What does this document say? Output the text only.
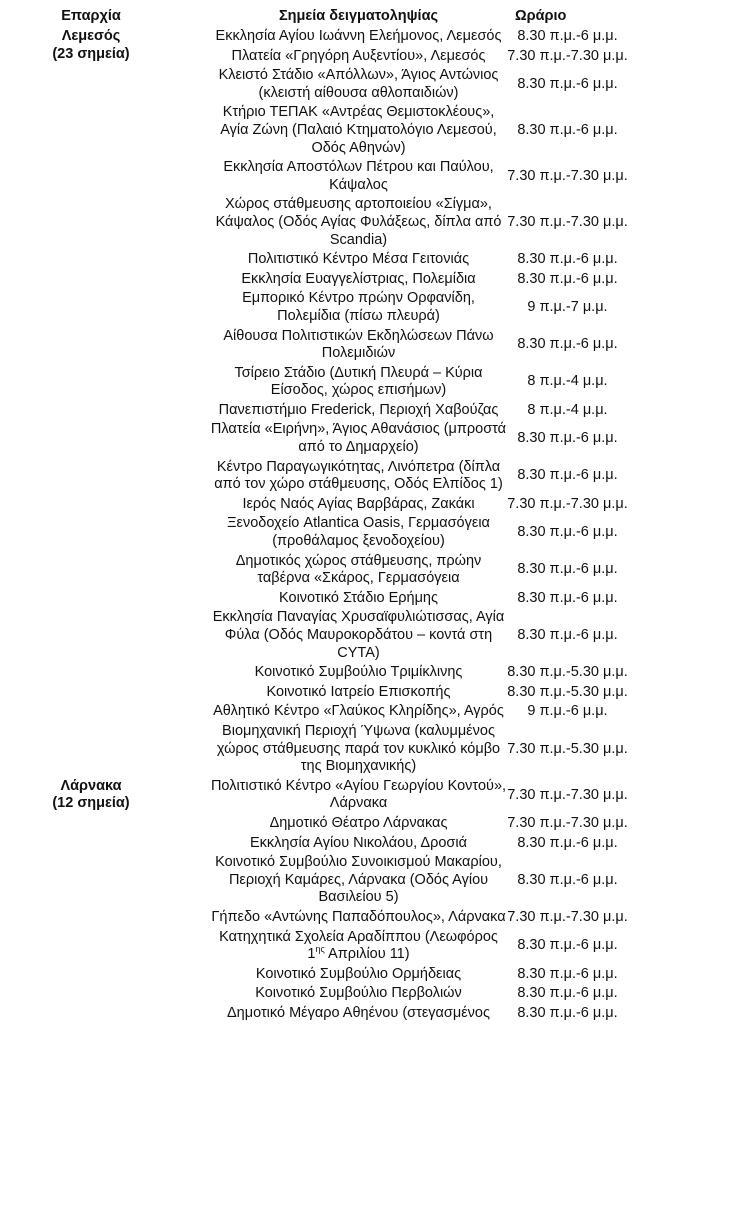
Επαρχία	Σημεία δειγματοληψίας	Ωράριο

Λεμεσός
(23 σημεία)	Εκκλησία Αγίου Ιωάννη Ελεήμονος, Λεμεσός	8.30 π.μ.-6 μ.μ.
	Πλατεία «Γρηγόρη Αυξεντίου», Λεμεσός	7.30 π.μ.-7.30 μ.μ.
	Κλειστό Στάδιο «Απόλλων», Άγιος Αντώνιος (κλειστή αίθουσα αθλοπαιδιών)	8.30 π.μ.-6 μ.μ.
	Κτήριο ΤΕΠΑΚ «Αντρέας Θεμιστοκλέους», Αγία Ζώνη (Παλαιό Κτηματολόγιο Λεμεσού, Οδός Αθηνών)	8.30 π.μ.-6 μ.μ.
	Εκκλησία Αποστόλων Πέτρου και Παύλου, Κάψαλος	7.30 π.μ.-7.30 μ.μ.
	Χώρος στάθμευσης αρτοποιείου «Σίγμα», Κάψαλος (Οδός Αγίας Φυλάξεως, δίπλα από Scandia)	7.30 π.μ.-7.30 μ.μ.
	Πολιτιστικό Κέντρο Μέσα Γειτονιάς	8.30 π.μ.-6 μ.μ.
	Εκκλησία Ευαγγελίστριας, Πολεμίδια	8.30 π.μ.-6 μ.μ.
	Εμπορικό Κέντρο πρώην Ορφανίδη, Πολεμίδια (πίσω πλευρά)	9 π.μ.-7 μ.μ.
	Αίθουσα Πολιτιστικών Εκδηλώσεων Πάνω Πολεμιδιών	8.30 π.μ.-6 μ.μ.
	Τσίρειο Στάδιο (Δυτική Πλευρά – Κύρια Είσοδος, χώρος επισήμων)	8 π.μ.-4 μ.μ.
	Πανεπιστήμιο Frederick, Περιοχή Χαβούζας	8 π.μ.-4 μ.μ.
	Πλατεία «Ειρήνη», Άγιος Αθανάσιος (μπροστά από το Δημαρχείο)	8.30 π.μ.-6 μ.μ.
	Κέντρο Παραγωγικότητας, Λινόπετρα (δίπλα από τον χώρο στάθμευσης, Οδός Ελπίδος 1)	8.30 π.μ.-6 μ.μ.
	Ιερός Ναός Αγίας Βαρβάρας, Ζακάκι	7.30 π.μ.-7.30 μ.μ.
	Ξενοδοχείο Atlantica Oasis, Γερμασόγεια (προθάλαμος ξενοδοχείου)	8.30 π.μ.-6 μ.μ.
	Δημοτικός χώρος στάθμευσης, πρώην ταβέρνα «Σκάρος, Γερμασόγεια	8.30 π.μ.-6 μ.μ.
	Κοινοτικό Στάδιο Ερήμης	8.30 π.μ.-6 μ.μ.
	Εκκλησία Παναγίας Χρυσαϊφυλιώτισσας, Αγία Φύλα (Οδός Μαυροκορδάτου – κοντά στη CYTA)	8.30 π.μ.-6 μ.μ.
	Κοινοτικό Συμβούλιο Τριμίκλινης	8.30 π.μ.-5.30 μ.μ.
	Κοινοτικό Ιατρείο Επισκοπής	8.30 π.μ.-5.30 μ.μ.
	Αθλητικό Κέντρο «Γλαύκος Κληρίδης», Αγρός	9 π.μ.-6 μ.μ.
	Βιομηχανική Περιοχή Ύψωνα (καλυμμένος χώρος στάθμευσης παρά τον κυκλικό κόμβο της Βιομηχανικής)	7.30 π.μ.-5.30 μ.μ.

Λάρνακα
(12 σημεία)	Πολιτιστικό Κέντρο «Αγίου Γεωργίου Κοντού», Λάρνακα	7.30 π.μ.-7.30 μ.μ.
	Δημοτικό Θέατρο Λάρνακας	7.30 π.μ.-7.30 μ.μ.
	Εκκλησία Αγίου Νικολάου, Δροσιά	8.30 π.μ.-6 μ.μ.
	Κοινοτικό Συμβούλιο Συνοικισμού Μακαρίου, Περιοχή Καμάρες, Λάρνακα (Οδός Αγίου Βασιλείου 5)	8.30 π.μ.-6 μ.μ.
	Γήπεδο «Αντώνης Παπαδόπουλος», Λάρνακα	7.30 π.μ.-7.30 μ.μ.
	Κατηχητικά Σχολεία Αραδίππου (Λεωφόρος $1^{\eta\varsigma}$ Απριλίου 11)	8.30 π.μ.-6 μ.μ.
	Κοινοτικό Συμβούλιο Ορμήδειας	8.30 π.μ.-6 μ.μ.
	Κοινοτικό Συμβούλιο Περβολιών	8.30 π.μ.-6 μ.μ.
	Δημοτικό Μέγαρο Αθηένου (στεγασμένος	8.30 π.μ.-6 μ.μ.
